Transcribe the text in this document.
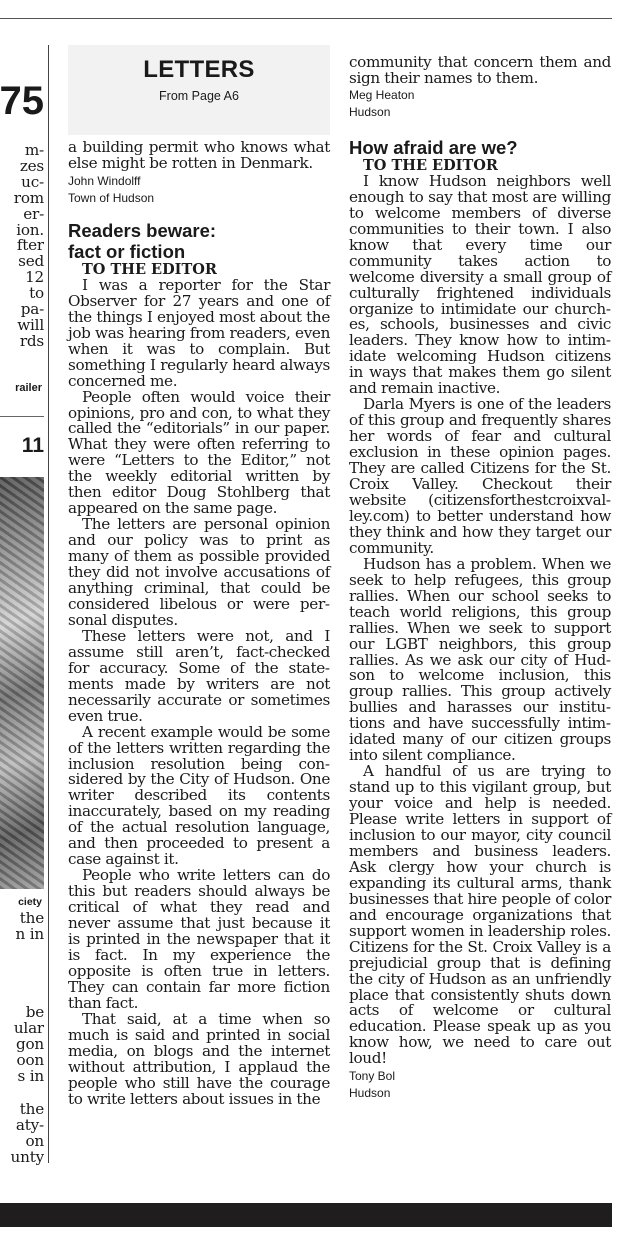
75
m-
zes
uc-
rom
er-
ion.
fter
sed
12
to
pa-
will
rds
railer
11
ciety
the
n in
be
ular
gon
oon
s in
the
aty-
on
unty
LETTERS
From Page A6

a building permit who knows what else might be rotten in Denmark.

John Windolff
Town of Hudson
Readers beware:
fact or fiction
TO THE EDITOR

I was a reporter for the Star Observer for 27 years and one of the things I enjoyed most about the job was hearing from readers, even when it was to complain. But something I regularly heard always concerned me.

People often would voice their opinions, pro and con, to what they called the “editorials” in our paper. What they were often referring to were “Letters to the Editor,” not the weekly editorial written by then editor Doug Stohlberg that appeared on the same page.

The letters are personal opinion and our policy was to print as many of them as possible provided they did not involve accusations of anything criminal, that could be considered libelous or were personal disputes.

These letters were not, and I assume still aren’t, fact-checked for accuracy. Some of the statements made by writers are not necessarily accurate or sometimes even true.

A recent example would be some of the letters written regarding the inclusion resolution being considered by the City of Hudson. One writer described its contents inaccurately, based on my reading of the actual resolution language, and then proceeded to present a case against it.

People who write letters can do this but readers should always be critical of what they read and never assume that just because it is printed in the newspaper that it is fact. In my experience the opposite is often true in letters. They can contain far more fiction than fact.

That said, at a time when so much is said and printed in social media, on blogs and the internet without attribution, I applaud the people who still have the courage to write letters about issues in the

community that concern them and sign their names to them.

Meg Heaton
Hudson
How afraid are we?
TO THE EDITOR

I know Hudson neighbors well enough to say that most are willing to welcome members of diverse communities to their town. I also know that every time our community takes action to welcome diversity a small group of culturally frightened individuals organize to intimidate our churches, schools, businesses and civic leaders. They know how to intimidate welcoming Hudson citizens in ways that makes them go silent and remain inactive.

Darla Myers is one of the leaders of this group and frequently shares her words of fear and cultural exclusion in these opinion pages. They are called Citizens for the St. Croix Valley. Checkout their website (citizensforthestcroixvalley.com) to better understand how they think and how they target our community.

Hudson has a problem. When we seek to help refugees, this group rallies. When our school seeks to teach world religions, this group rallies. When we seek to support our LGBT neighbors, this group rallies. As we ask our city of Hudson to welcome inclusion, this group rallies. This group actively bullies and harasses our institutions and have successfully intimidated many of our citizen groups into silent compliance.

A handful of us are trying to stand up to this vigilant group, but your voice and help is needed. Please write letters in support of inclusion to our mayor, city council members and business leaders. Ask clergy how your church is expanding its cultural arms, thank businesses that hire people of color and encourage organizations that support women in leadership roles. Citizens for the St. Croix Valley is a prejudicial group that is defining the city of Hudson as an unfriendly place that consistently shuts down acts of welcome or cultural education. Please speak up as you know how, we need to care out loud!

Tony Bol
Hudson
